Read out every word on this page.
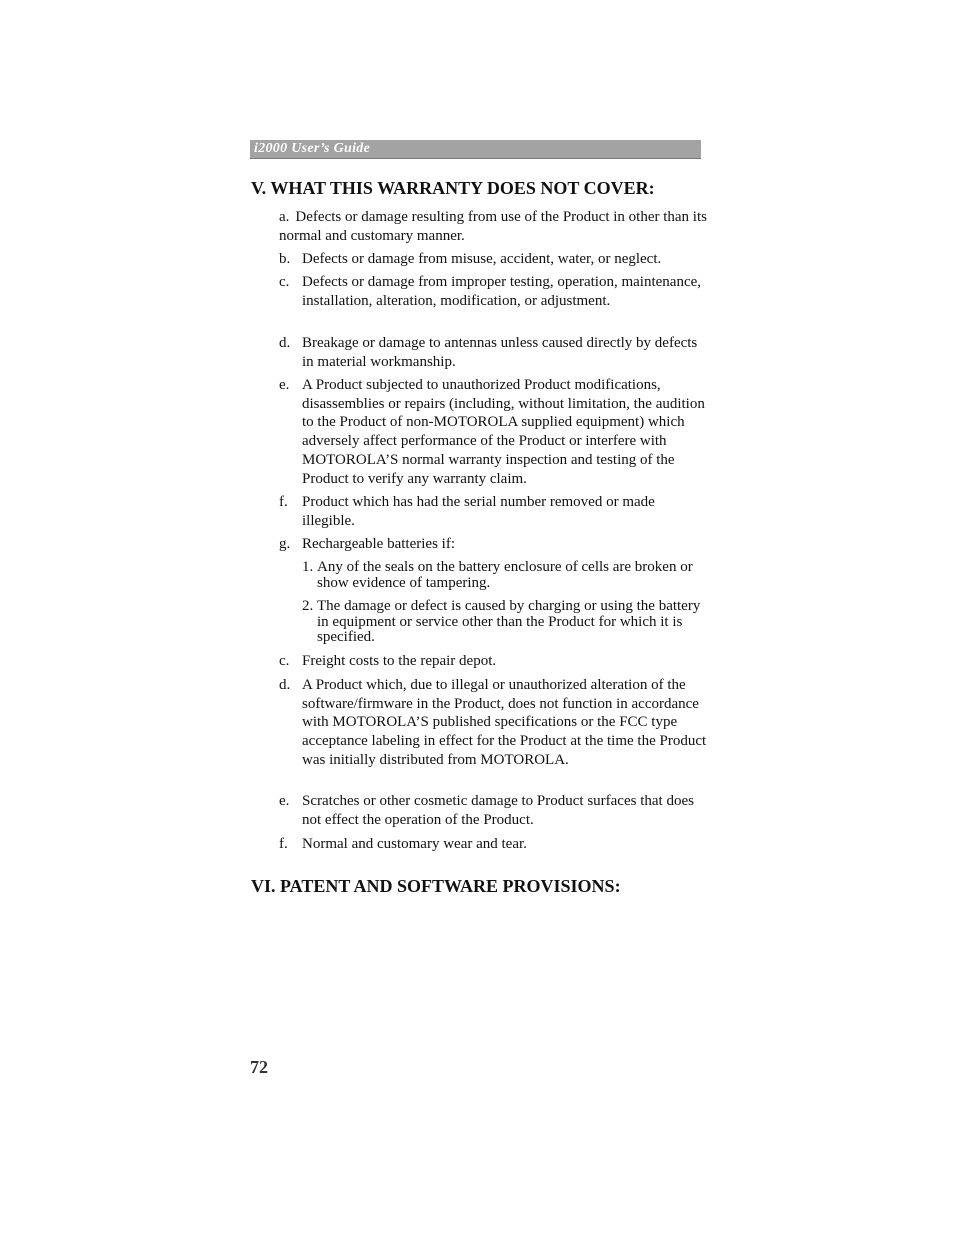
i2000 User’s Guide
V. WHAT THIS WARRANTY DOES NOT COVER:
a. Defects or damage resulting from use of the Product in other than its normal and customary manner.
b. Defects or damage from misuse, accident, water, or neglect.
c. Defects or damage from improper testing, operation, maintenance, installation, alteration, modification, or adjustment.
d. Breakage or damage to antennas unless caused directly by defects in material workmanship.
e. A Product subjected to unauthorized Product modifications, disassemblies or repairs (including, without limitation, the audition to the Product of non-MOTOROLA supplied equipment) which adversely affect performance of the Product or interfere with MOTOROLA’S normal warranty inspection and testing of the Product to verify any warranty claim.
f. Product which has had the serial number removed or made illegible.
g. Rechargeable batteries if:
1. Any of the seals on the battery enclosure of cells are broken or show evidence of tampering.
2. The damage or defect is caused by charging or using the battery in equipment or service other than the Product for which it is specified.
c. Freight costs to the repair depot.
d. A Product which, due to illegal or unauthorized alteration of the software/firmware in the Product, does not function in accordance with MOTOROLA’S published specifications or the FCC type acceptance labeling in effect for the Product at the time the Product was initially distributed from MOTOROLA.
e. Scratches or other cosmetic damage to Product surfaces that does not effect the operation of the Product.
f. Normal and customary wear and tear.
VI. PATENT AND SOFTWARE PROVISIONS:
72
